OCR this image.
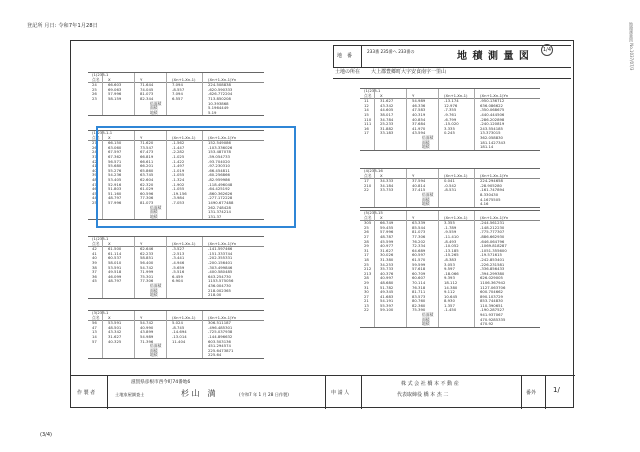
登記所 月日: 令和7年1月28日	地籍測量図 No.1037/07/3
地　番
233番 235番へ 233番の	地 積 測 量 図
1/4
土地の所在 大上郡豊郷町大字安食南字一里山
作 製 者
滋賀県彦根市西今町74番地6
土地家屋調査士	杉 山　満	(令和7 年 1 月 28 日作製)	申 請 人
株 式 会 社 橋 本 不 動 産
代表取締役 橋 本 杰 二	番外 1/
(1)233-1
点名 X	Y	(Xn+1-Xn-1)	(Xn+1-Xn-1)Yn
24	66.603	71.644	7.094	224.508838
25	69.063	74.045	-8.557	-620.590333
26	57.996	81.073	7.094	-626.772204
23	58.159	82.344	6.557	713.850208
倍面積	10.393868
面積	5.1964449
地積	5.19
(1)233-1-1
点名 X	Y	(Xn+1-Xn-1)	(Xn+1-Xn-1)Yn
27	66.150	71.620	-1.562	152.549086
26	63.060	73.547	-1.447	-103.336026
24	67.597	67.473	-2.282	153.487078
37	67.362	66.819	-1.025	-59.054733
42	56.571	66.611	-1.422	-93.704020
41	55.680	66.201	-1.497	-97.230310
40	55.276	65.860	-1.019	-66.454811
39	54.236	63.745	-1.055	-60.256866
48	53.405	62.604	-1.324	-82.959986
47	52.916	62.320	-1.902	-118.496048
46	51.803	61.029	-1.055	-64.425192
45	51.160	60.596	-19.156	-860.362626
44	48.797	77.306	-3.984	-277.172228
25	57.996	81.073	-7.053	1490.677488
倍面積	262.748428
面積	131.374214
地積	131.37
(1)233-1
点名 X	Y	(Xn+1-Xn-1)	(Xn+1-Xn-1)Yn
42	61.500	62.646	-3.527	-141.597466
41	61.114	62.233	-2.513	-151.333744
40	60.537	58.851	-3.441	-202.355331
39	58.010	56.400	-4.946	-200.156401
38	53.591	54.742	-5.659	-303.499846
37	49.518	71.999	-5.516	-400.580485
36	46.099	75.301	6.459	643.254730
45	48.797	77.306	6.904	1153.575056
倍面積	436.004730
面積	218.002365
地積	218.00
(3)233-1
点名 X	Y	(Xn+1-Xn-1)	(Xn+1-Xn-1)Yn
56	53.591	54.742	5.024	306.511187
47	48.501	40.990	-8.745	-496.485301
13	43.342	43.899	-14.694	-725.037938
14	31.627	54.989	-13.014	-144.896632
57	40.325	71.396	11.404	603.503136
倍面積	451.294574
面積	225.6473871
地積	225.64
(1)233-1
点名 X	Y	(Xn+1-Xn-1)	(Xn+1-Xn-1)Yn
11	31.627	54.989	-13.174	-950.136712
12	43.342	46.336	12.976	636.086622
14	44.605	47.583	-7.355	-350.068675
15	38.017	40.319	-9.761	-440.444506
110 34.784	40.854	-6.799	-286.202898
111 25.233	37.684	-15.020	-240.120819
16	31.882	41.970	3.335	243.554185
17	33.183	43.594	0.245	13.373015
倍面積	362.058830
面積	181.1427343
地積	181.14
(4)233-16
点名 X	Y	(Xn+1-Xn-1)	(Xn+1-Xn-1)Yn
17	34.333	37.594	0.041	224.294658
210 34.184	40.814	-0.542	-28.905280
22	33.753	37.415	-8.531	-161.747894
倍面積	8.330430
面積	4.1675505
地積	4.16
(5)233-15
点名 X	Y	(Xn+1-Xn-1)	(Xn+1-Xn-1)Yn
305 66.749	63.339	3.355	-244.561231
25	59.455	85.544	-1.789	-148.212230
26	57.996	81.073	-9.559	-775.777307
27	48.787	77.306	-11.410	-886.662930
28	45.599	76.202	-8.493	-646.064796
29	40.977	72.334	-10.052	-1069.818287
31	31.627	64.689	-13.185	-1051.355600
17	30.026	60.597	-15.265	-19.571615
18	31.380	61.570	-8.383	-242.853401
25	34.253	59.599	3.053	-226.231581
212 35.733	57.618	9.597	-336.856433
213 40.376	60.709	-18.066	-394.299380
28	40.997	60.607	9.393	626.029005
29	48.680	70.114	18.112	1106.367942
31	51.782	76.318	14.380	1127.063706
30	49.345	81.711	9.112	600.704662
27	41.683	83.573	10.645	890.103729
21	54.191	80.760	8.930	853.744830
13	55.397	82.360	1.357	110.390651
22	59.100	75.390	-1.450	-190.287527
倍面積	941.937067
面積	470.9285335
地積	470.92
(3/4)
